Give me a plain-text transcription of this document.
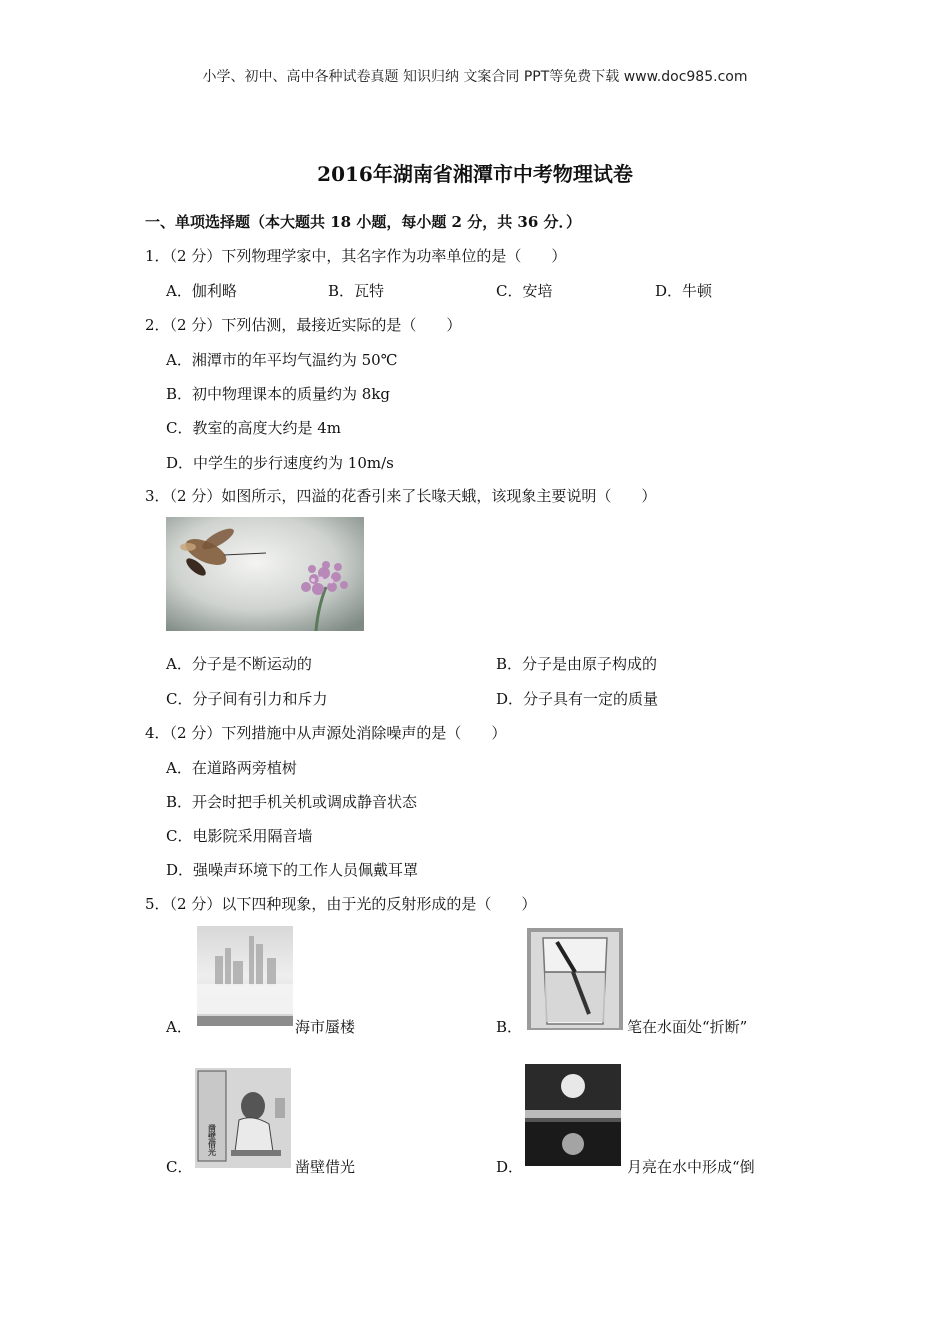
小学、初中、高中各种试卷真题 知识归纳 文案合同 PPT等免费下载 www.doc985.com
2016年湖南省湘潭市中考物理试卷
一、单项选择题（本大题共 18 小题，每小题 2 分，共 36 分．）
1．（2 分）下列物理学家中，其名字作为功率单位的是（　　）
A．伽利略	B．瓦特	C．安培	D．牛顿
2．（2 分）下列估测，最接近实际的是（　　）
A．湘潭市的年平均气温约为 50℃
B．初中物理课本的质量约为 8kg
C．教室的高度大约是 4m
D．中学生的步行速度约为 10m/s
3．（2 分）如图所示，四溢的花香引来了长喙天蛾，该现象主要说明（　　）
A．分子是不断运动的	B．分子是由原子构成的
C．分子间有引力和斥力	D．分子具有一定的质量
4．（2 分）下列措施中从声源处消除噪声的是（　　）
A．在道路两旁植树
B．开会时把手机关机或调成静音状态
C．电影院采用隔音墙
D．强噪声环境下的工作人员佩戴耳罩
5．（2 分）以下四种现象，由于光的反射形成的是（　　）
A．	海市蜃楼	B．	笔在水面处“折断”
C．
凿壁借光
凿壁借光	D．	月亮在水中形成“倒
